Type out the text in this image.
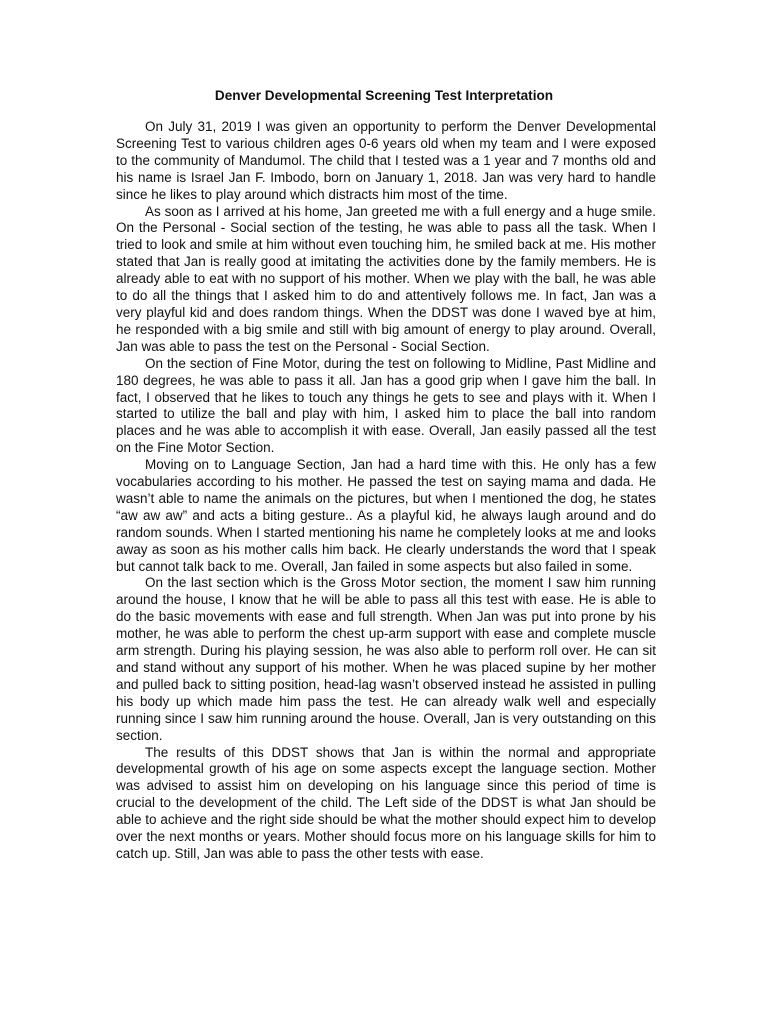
Denver Developmental Screening Test Interpretation

On July 31, 2019 I was given an opportunity to perform the Denver Developmental Screening Test to various children ages 0-6 years old when my team and I were exposed to the community of Mandumol. The child that I tested was a 1 year and 7 months old and his name is Israel Jan F. Imbodo, born on January 1, 2018. Jan was very hard to handle since he likes to play around which distracts him most of the time.

As soon as I arrived at his home, Jan greeted me with a full energy and a huge smile. On the Personal - Social section of the testing, he was able to pass all the task. When I tried to look and smile at him without even touching him, he smiled back at me. His mother stated that Jan is really good at imitating the activities done by the family members. He is already able to eat with no support of his mother. When we play with the ball, he was able to do all the things that I asked him to do and attentively follows me. In fact, Jan was a very playful kid and does random things. When the DDST was done I waved bye at him, he responded with a big smile and still with big amount of energy to play around. Overall, Jan was able to pass the test on the Personal - Social Section.

On the section of Fine Motor, during the test on following to Midline, Past Midline and 180 degrees, he was able to pass it all. Jan has a good grip when I gave him the ball. In fact, I observed that he likes to touch any things he gets to see and plays with it. When I started to utilize the ball and play with him, I asked him to place the ball into random places and he was able to accomplish it with ease. Overall, Jan easily passed all the test on the Fine Motor Section.

Moving on to Language Section, Jan had a hard time with this. He only has a few vocabularies according to his mother. He passed the test on saying mama and dada. He wasn’t able to name the animals on the pictures, but when I mentioned the dog, he states “aw aw aw” and acts a biting gesture.. As a playful kid, he always laugh around and do random sounds. When I started mentioning his name he completely looks at me and looks away as soon as his mother calls him back. He clearly understands the word that I speak but cannot talk back to me. Overall, Jan failed in some aspects but also failed in some.

On the last section which is the Gross Motor section, the moment I saw him running around the house, I know that he will be able to pass all this test with ease. He is able to do the basic movements with ease and full strength. When Jan was put into prone by his mother, he was able to perform the chest up-arm support with ease and complete muscle arm strength. During his playing session, he was also able to perform roll over. He can sit and stand without any support of his mother. When he was placed supine by her mother and pulled back to sitting position, head-lag wasn’t observed instead he assisted in pulling his body up which made him pass the test. He can already walk well and especially running since I saw him running around the house. Overall, Jan is very outstanding on this section.

The results of this DDST shows that Jan is within the normal and appropriate developmental growth of his age on some aspects except the language section. Mother was advised to assist him on developing on his language since this period of time is crucial to the development of the child. The Left side of the DDST is what Jan should be able to achieve and the right side should be what the mother should expect him to develop over the next months or years. Mother should focus more on his language skills for him to catch up. Still, Jan was able to pass the other tests with ease.
